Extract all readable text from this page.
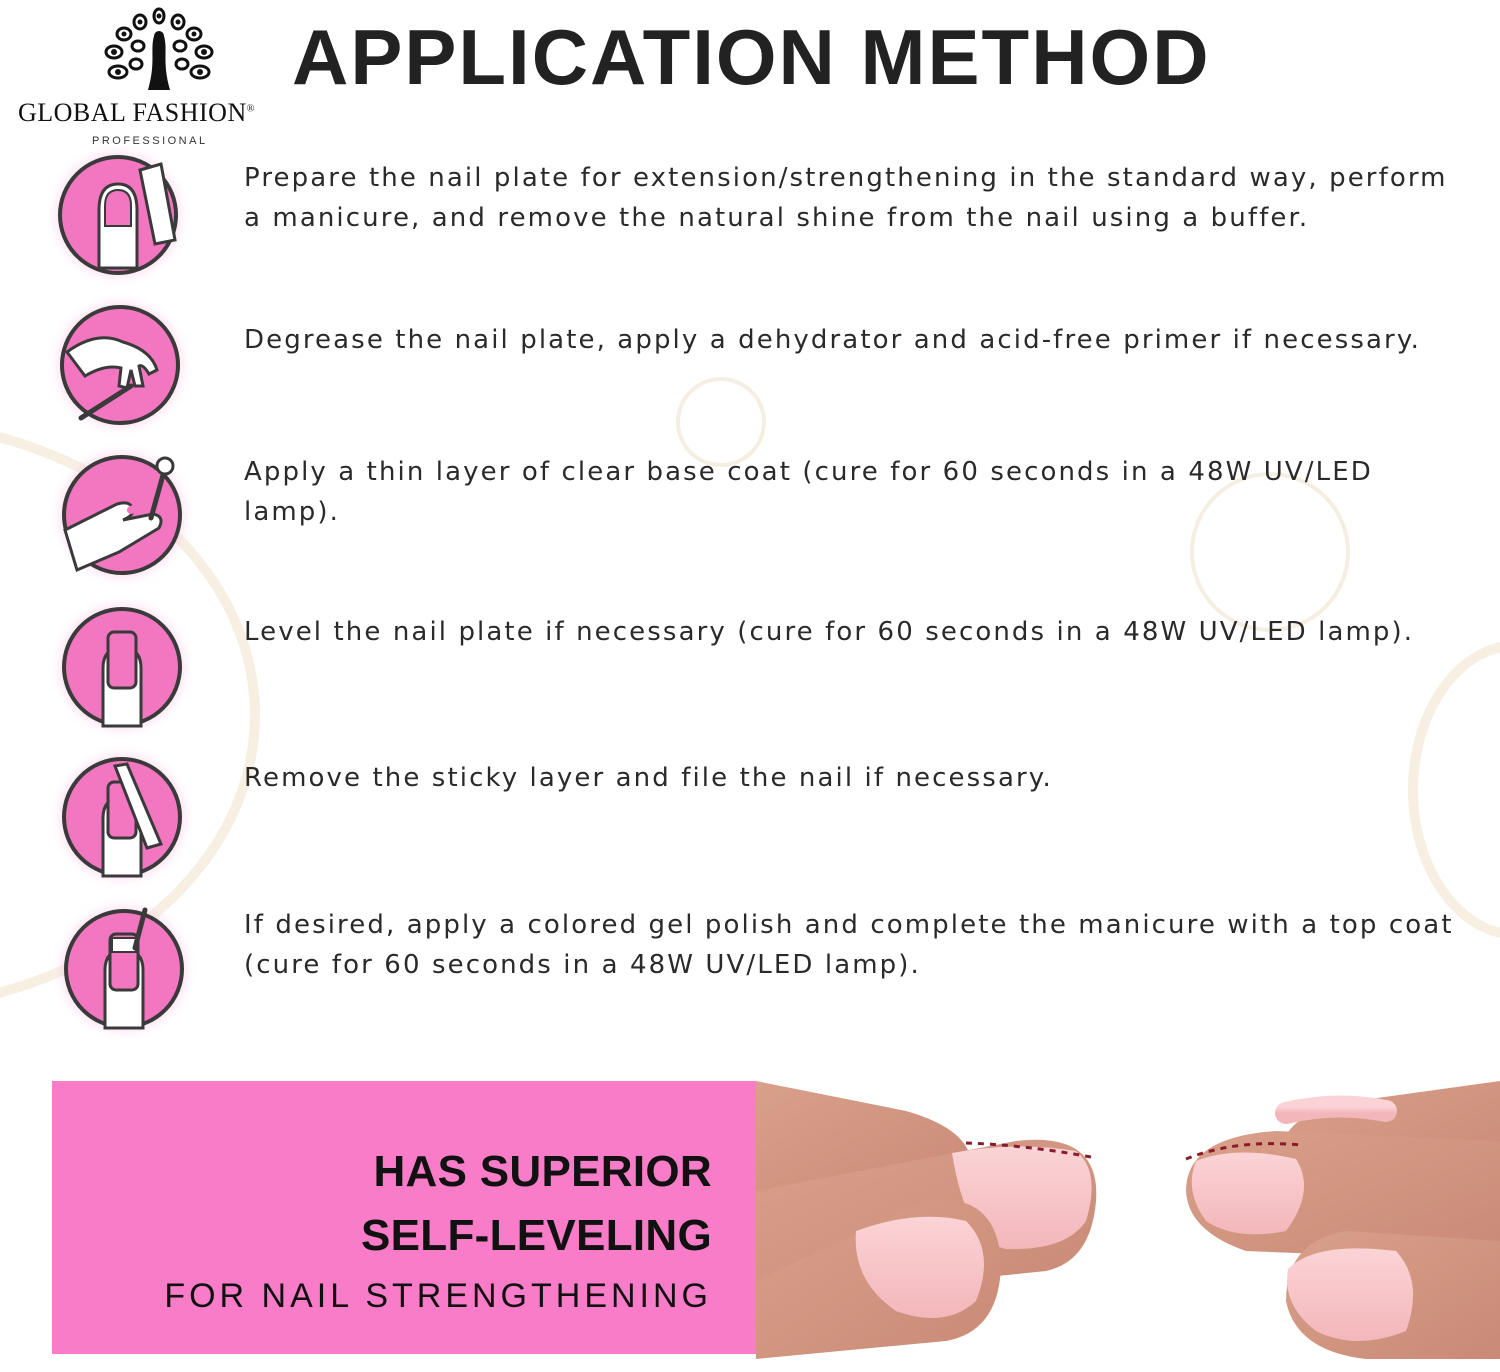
GLOBAL FASHION®
PROFESSIONAL
APPLICATION METHOD

Prepare the nail plate for extension/strengthening in the standard way, perform a manicure, and remove the natural shine from the nail using a buffer.

Degrease the nail plate, apply a dehydrator and acid-free primer if necessary.

Apply a thin layer of clear base coat (cure for 60 seconds in a 48W UV/LED lamp).

Level the nail plate if necessary (cure for 60 seconds in a 48W UV/LED lamp).

Remove the sticky layer and file the nail if necessary.

If desired, apply a colored gel polish and complete the manicure with a top coat (cure for 60 seconds in a 48W UV/LED lamp).

HAS SUPERIOR

SELF-LEVELING

FOR NAIL STRENGTHENING
